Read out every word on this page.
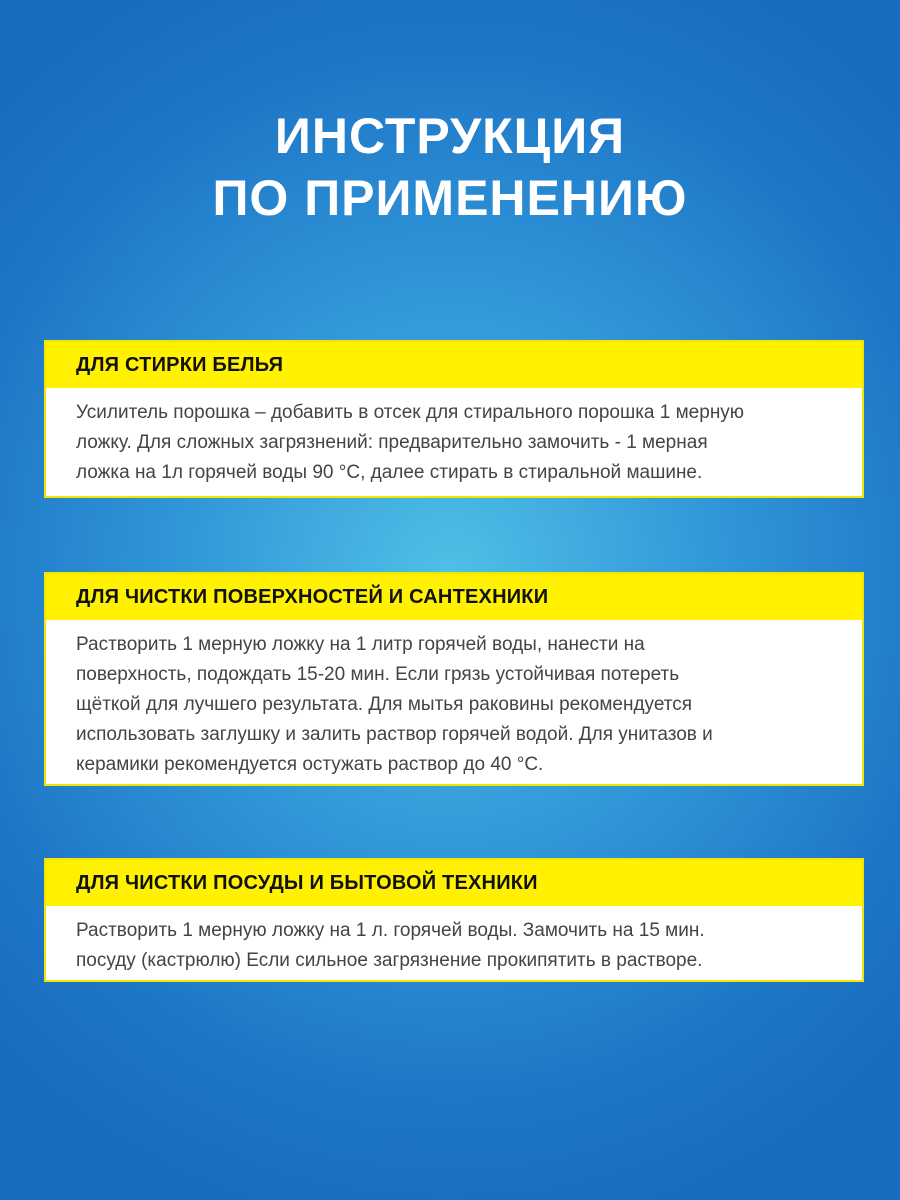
ИНСТРУКЦИЯ
ПО ПРИМЕНЕНИЮ
ДЛЯ СТИРКИ БЕЛЬЯ
Усилитель порошка – добавить в отсек для стирального порошка 1 мерную
ложку. Для сложных загрязнений: предварительно замочить - 1 мерная
ложка на 1л горячей воды 90 °С, далее стирать в стиральной машине.
ДЛЯ ЧИСТКИ ПОВЕРХНОСТЕЙ И САНТЕХНИКИ
Растворить 1 мерную ложку на 1 литр горячей воды, нанести на
поверхность, подождать 15-20 мин. Если грязь устойчивая потереть
щёткой для лучшего результата. Для мытья раковины рекомендуется
использовать заглушку и залить раствор горячей водой. Для унитазов и
керамики рекомендуется остужать раствор до 40 °С.
ДЛЯ ЧИСТКИ ПОСУДЫ И БЫТОВОЙ ТЕХНИКИ
Растворить 1 мерную ложку на 1 л. горячей воды. Замочить на 15 мин.
посуду (кастрюлю) Если сильное загрязнение прокипятить в растворе.
